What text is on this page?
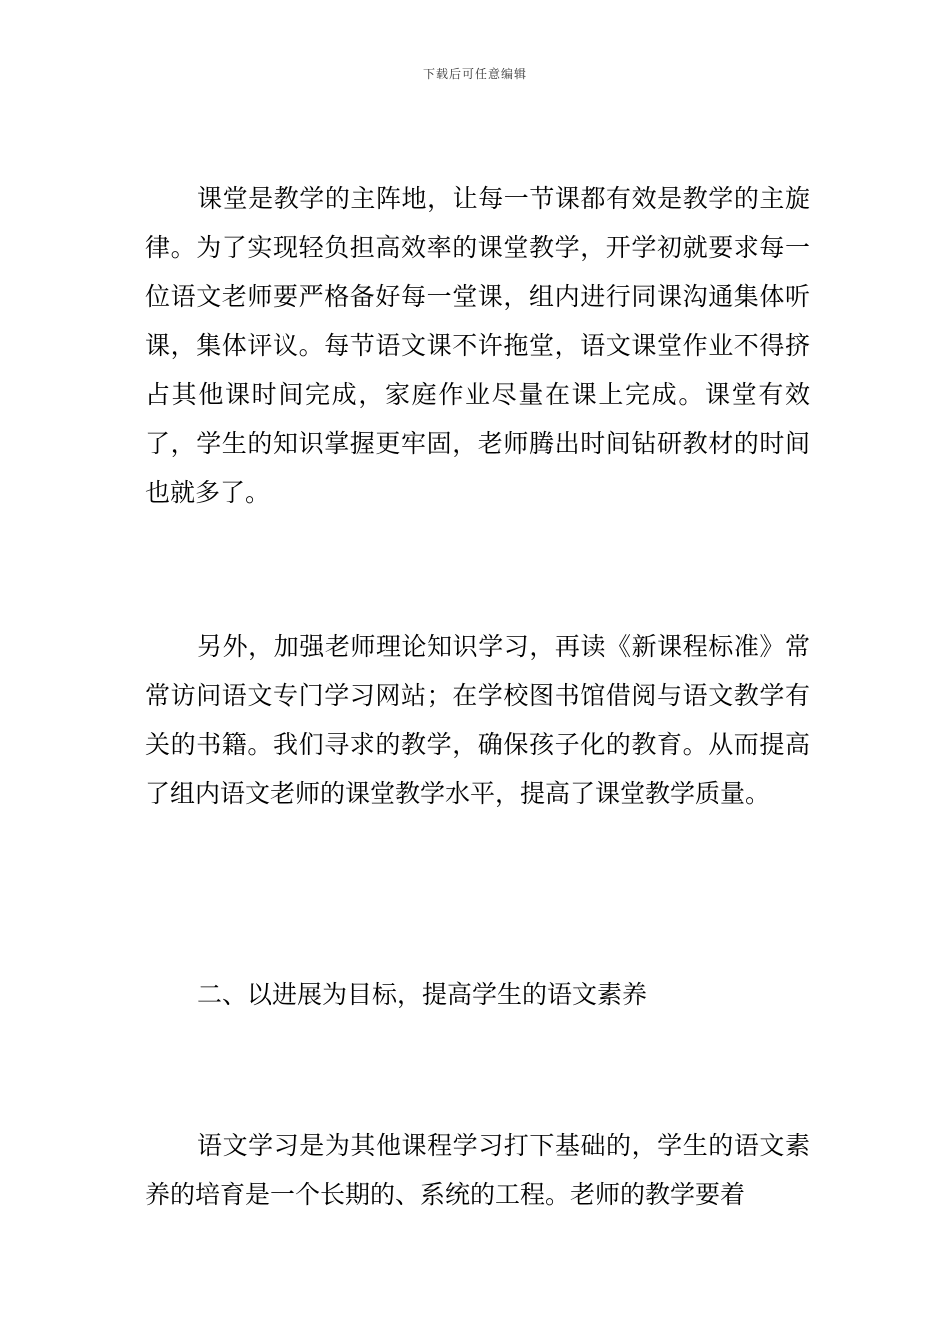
下载后可任意编辑

课堂是教学的主阵地，让每一节课都有效是教学的主旋律。为了实现轻负担高效率的课堂教学，开学初就要求每一位语文老师要严格备好每一堂课，组内进行同课沟通集体听课，集体评议。每节语文课不许拖堂，语文课堂作业不得挤占其他课时间完成，家庭作业尽量在课上完成。课堂有效了，学生的知识掌握更牢固，老师腾出时间钻研教材的时间也就多了。

另外，加强老师理论知识学习，再读《新课程标准》常常访问语文专门学习网站；在学校图书馆借阅与语文教学有关的书籍。我们寻求的教学，确保孩子化的教育。从而提高了组内语文老师的课堂教学水平，提高了课堂教学质量。

二、以进展为目标，提高学生的语文素养

语文学习是为其他课程学习打下基础的，学生的语文素养的培育是一个长期的、系统的工程。老师的教学要着
